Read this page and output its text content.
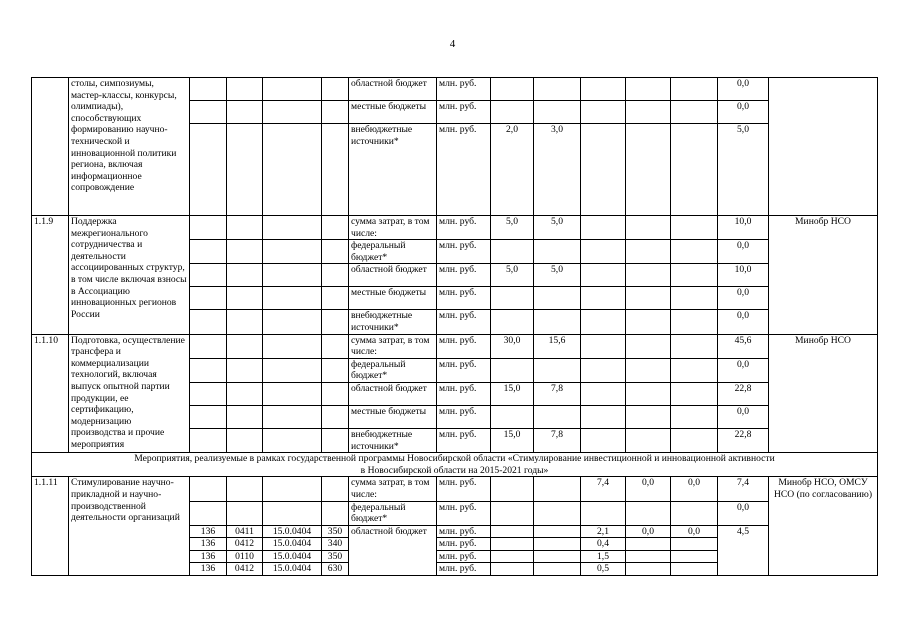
4
	столы, симпозиумы, мастер-классы, конкурсы, олимпиады), способствующих формированию научно-технической и инновационной политики региона, включая информационное сопровождение					областной бюджет	млн. руб.						0,0	
						местные бюджеты	млн. руб.						0,0	
						внебюджетные источники*	млн. руб.	2,0	3,0				5,0	
1.1.9	Поддержка межрегионального сотрудничества и деятельности ассоциированных структур, в том числе включая взносы в Ассоциацию инновационных регионов России					сумма затрат, в том числе:	млн. руб.	5,0	5,0				10,0	Минобр НСО
						федеральный бюджет*	млн. руб.						0,0	
						областной бюджет	млн. руб.	5,0	5,0				10,0	
						местные бюджеты	млн. руб.						0,0	
						внебюджетные источники*	млн. руб.						0,0	
1.1.10	Подготовка, осуществление трансфера и коммерциализации технологий, включая выпуск опытной партии продукции, ее сертификацию, модернизацию производства и прочие мероприятия					сумма затрат, в том числе:	млн. руб.	30,0	15,6				45,6	Минобр НСО
						федеральный бюджет*	млн. руб.						0,0	
						областной бюджет	млн. руб.	15,0	7,8				22,8	
						местные бюджеты	млн. руб.						0,0	
						внебюджетные источники*	млн. руб.	15,0	7,8				22,8	

Мероприятия, реализуемые в рамках государственной программы Новосибирской области «Стимулирование инвестиционной и инновационной активности
в Новосибирской области на 2015-2021 годы»														

1.1.11	Стимулирование научно-прикладной и научно-производственной деятельности организаций					сумма затрат, в том числе:	млн. руб.			7,4	0,0	0,0	7,4	Минобр НСО, ОМСУ НСО (по согласованию)
						федеральный бюджет*	млн. руб.						0,0	
		136	0411	15.0.0404	350	областной бюджет	млн. руб.			2,1	0,0	0,0	4,5	
		136	0412	15.0.0404	340		млн. руб.			0,4				
		136	0110	15.0.0404	350		млн. руб.			1,5				
		136	0412	15.0.0404	630		млн. руб.			0,5				
